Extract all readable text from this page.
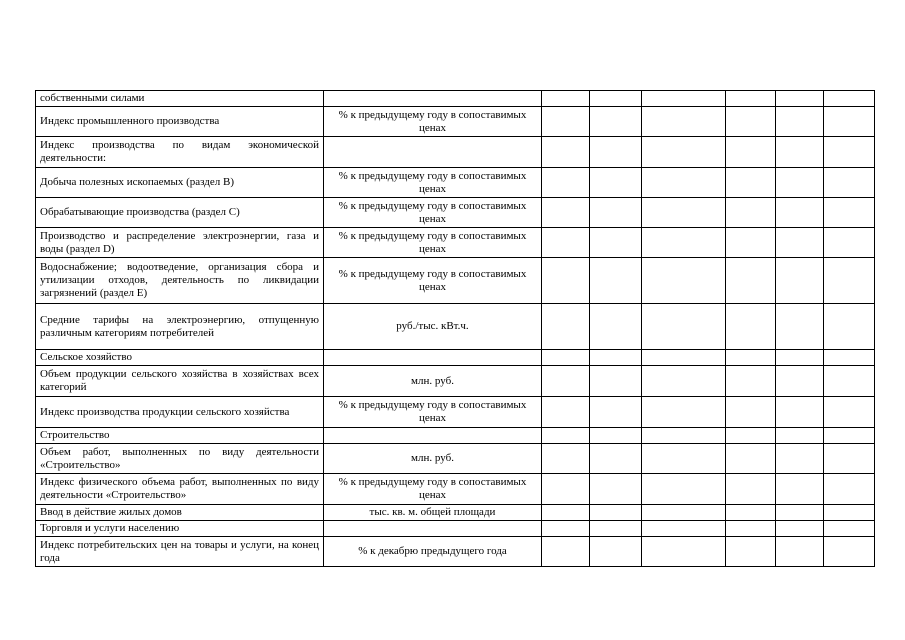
собственными силами							
Индекс промышленного производства	% к предыдущему году в сопоставимых ценах						
Индекс производства по видам экономической деятельности:							
Добыча полезных ископаемых (раздел B)	% к предыдущему году в сопоставимых ценах						
Обрабатывающие производства (раздел C)	% к предыдущему году в сопоставимых ценах						
Производство и распределение электроэнергии, газа и воды (раздел D)	% к предыдущему году в сопоставимых ценах						
Водоснабжение; водоотведение, организация сбора и утилизации отходов, деятельность по ликвидации загрязнений (раздел E)	% к предыдущему году в сопоставимых ценах						
Средние тарифы на электроэнергию, отпущенную различным категориям потребителей	руб./тыс. кВт.ч.						
Сельское хозяйство							
Объем продукции сельского хозяйства в хозяйствах всех категорий	млн. руб.						
Индекс производства продукции сельского хозяйства	% к предыдущему году в сопоставимых ценах						
Строительство							
Объем работ, выполненных по виду деятельности «Строительство»	млн. руб.						
Индекс физического объема работ, выполненных по виду деятельности «Строительство»	% к предыдущему году в сопоставимых ценах						
Ввод в действие жилых домов	тыс. кв. м. общей площади						
Торговля и услуги населению							
Индекс потребительских цен на товары и услуги, на конец года	% к декабрю предыдущего года						
